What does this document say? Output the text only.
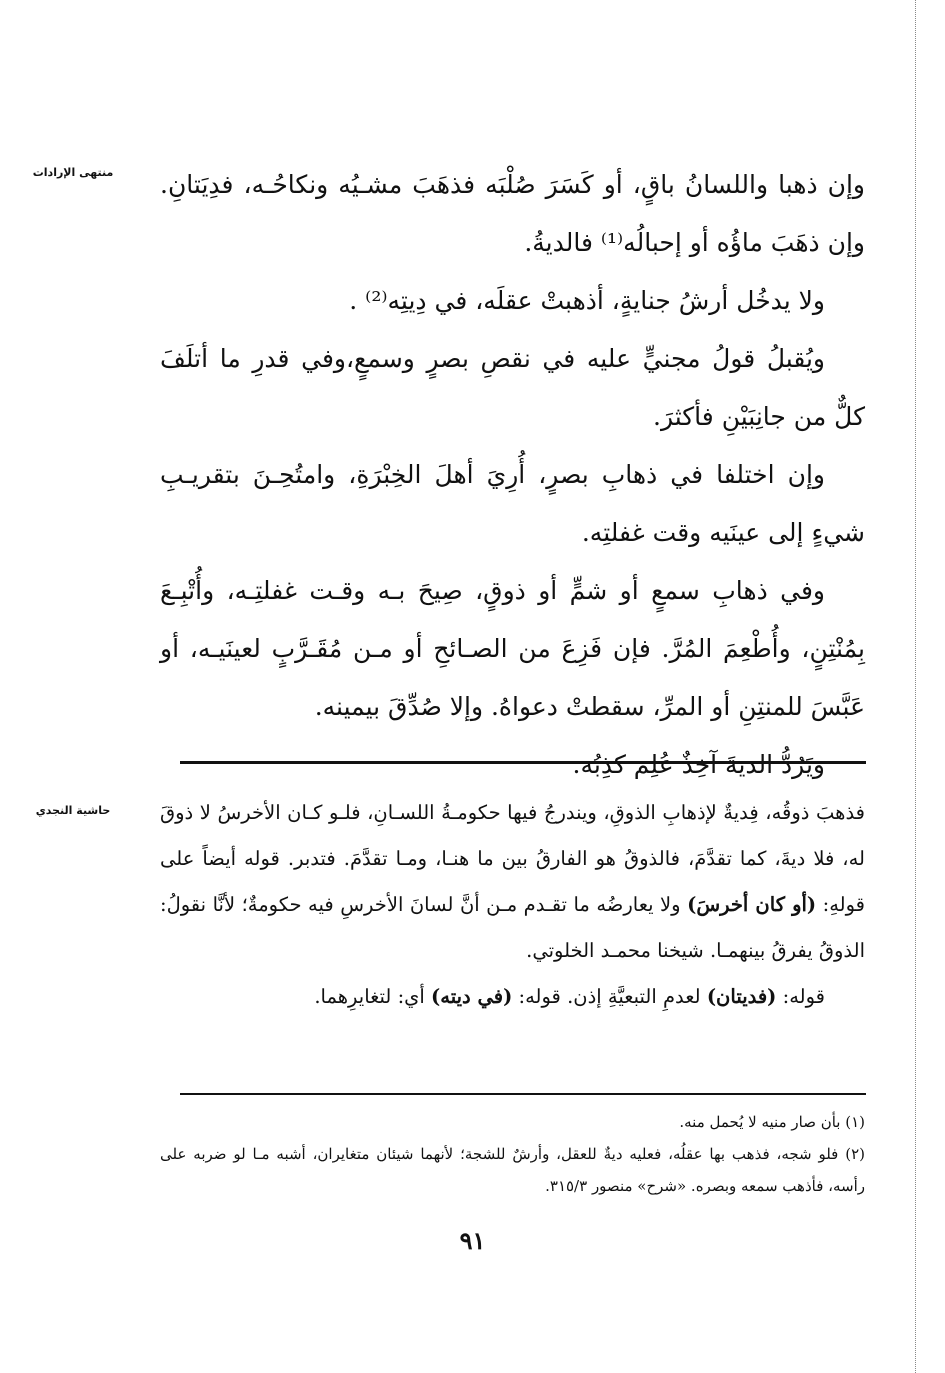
منتهى الإرادات
حاشية النجدي

وإن ذهبا واللسانُ باقٍ، أو كَسَرَ صُلْبَه فذهَبَ مشـيُه ونكاحُـه، فدِيَتانِ. وإن ذهَبَ ماؤُه أو إحبالُه⁽¹⁾ فالديةُ.

ولا يدخُل أرشُ جنايةٍ، أذهبتْ عقلَه، في دِيتِه⁽²⁾ .

ويُقبلُ قولُ مجنيٍّ عليه في نقصِ بصرٍ وسمعٍ،وفي قدرِ ما أتلَفَ كلٌّ من جانِبَيْنِ فأكثرَ.

وإن اختلفا في ذهابِ بصرٍ، أُرِيَ أهلَ الخِبْرَةِ، وامتُحِـنَ بتقريـبِ شيءٍ إلى عينَيه وقت غفلتِه.

وفي ذهابِ سمعٍ أو شمٍّ أو ذوقٍ، صِيحَ بـه وقـت غفلتِـه، وأُتْبِـعَ بِمُنْتِنٍ، وأُطْعِمَ المُرَّ. فإن فَزِعَ من الصـائحِ أو مـن مُقَـرَّبٍ لعينَيـه، أو عَبَّسَ للمنتِنِ أو المرِّ، سقطتْ دعواهُ. وإلا صُدِّقَ بيمينه.

ويَرُدُّ الديةَ آخِذٌ عُلِم كذِبُه.

فذهبَ ذوقُه، فِديةٌ لإذهابِ الذوقِ، ويندرجُ فيها حكومـةُ اللسـانِ، فلـو كـان الأخرسُ لا ذوقَ له، فلا ديةَ، كما تقدَّمَ، فالذوقُ هو الفارقُ بين ما هنـا، ومـا تقدَّمَ. فتدبر. قوله أيضاً على قولهِ: (أو كان أخرسَ) ولا يعارضُه ما تقـدم مـن أنَّ لسانَ الأخرسِ فيه حكومةٌ؛ لأنَّا نقولُ: الذوقُ يفرقُ بينهمـا. شيخنا محمـد الخلوتي.

قوله: (فديتان) لعدمِ التبعيَّةِ إذن. قوله: (في ديته) أي: لتغايرِهما.

(١) بأن صار منيه لا يُحمل منه.

(٢) فلو شجه، فذهب بها عقلُه، فعليه ديةٌ للعقل، وأرشٌ للشجة؛ لأنهما شيئان متغايران، أشبه مـا لو ضربه على رأسه، فأذهب سمعه وبصره. «شرح» منصور ٣١٥/٣.

٩١
